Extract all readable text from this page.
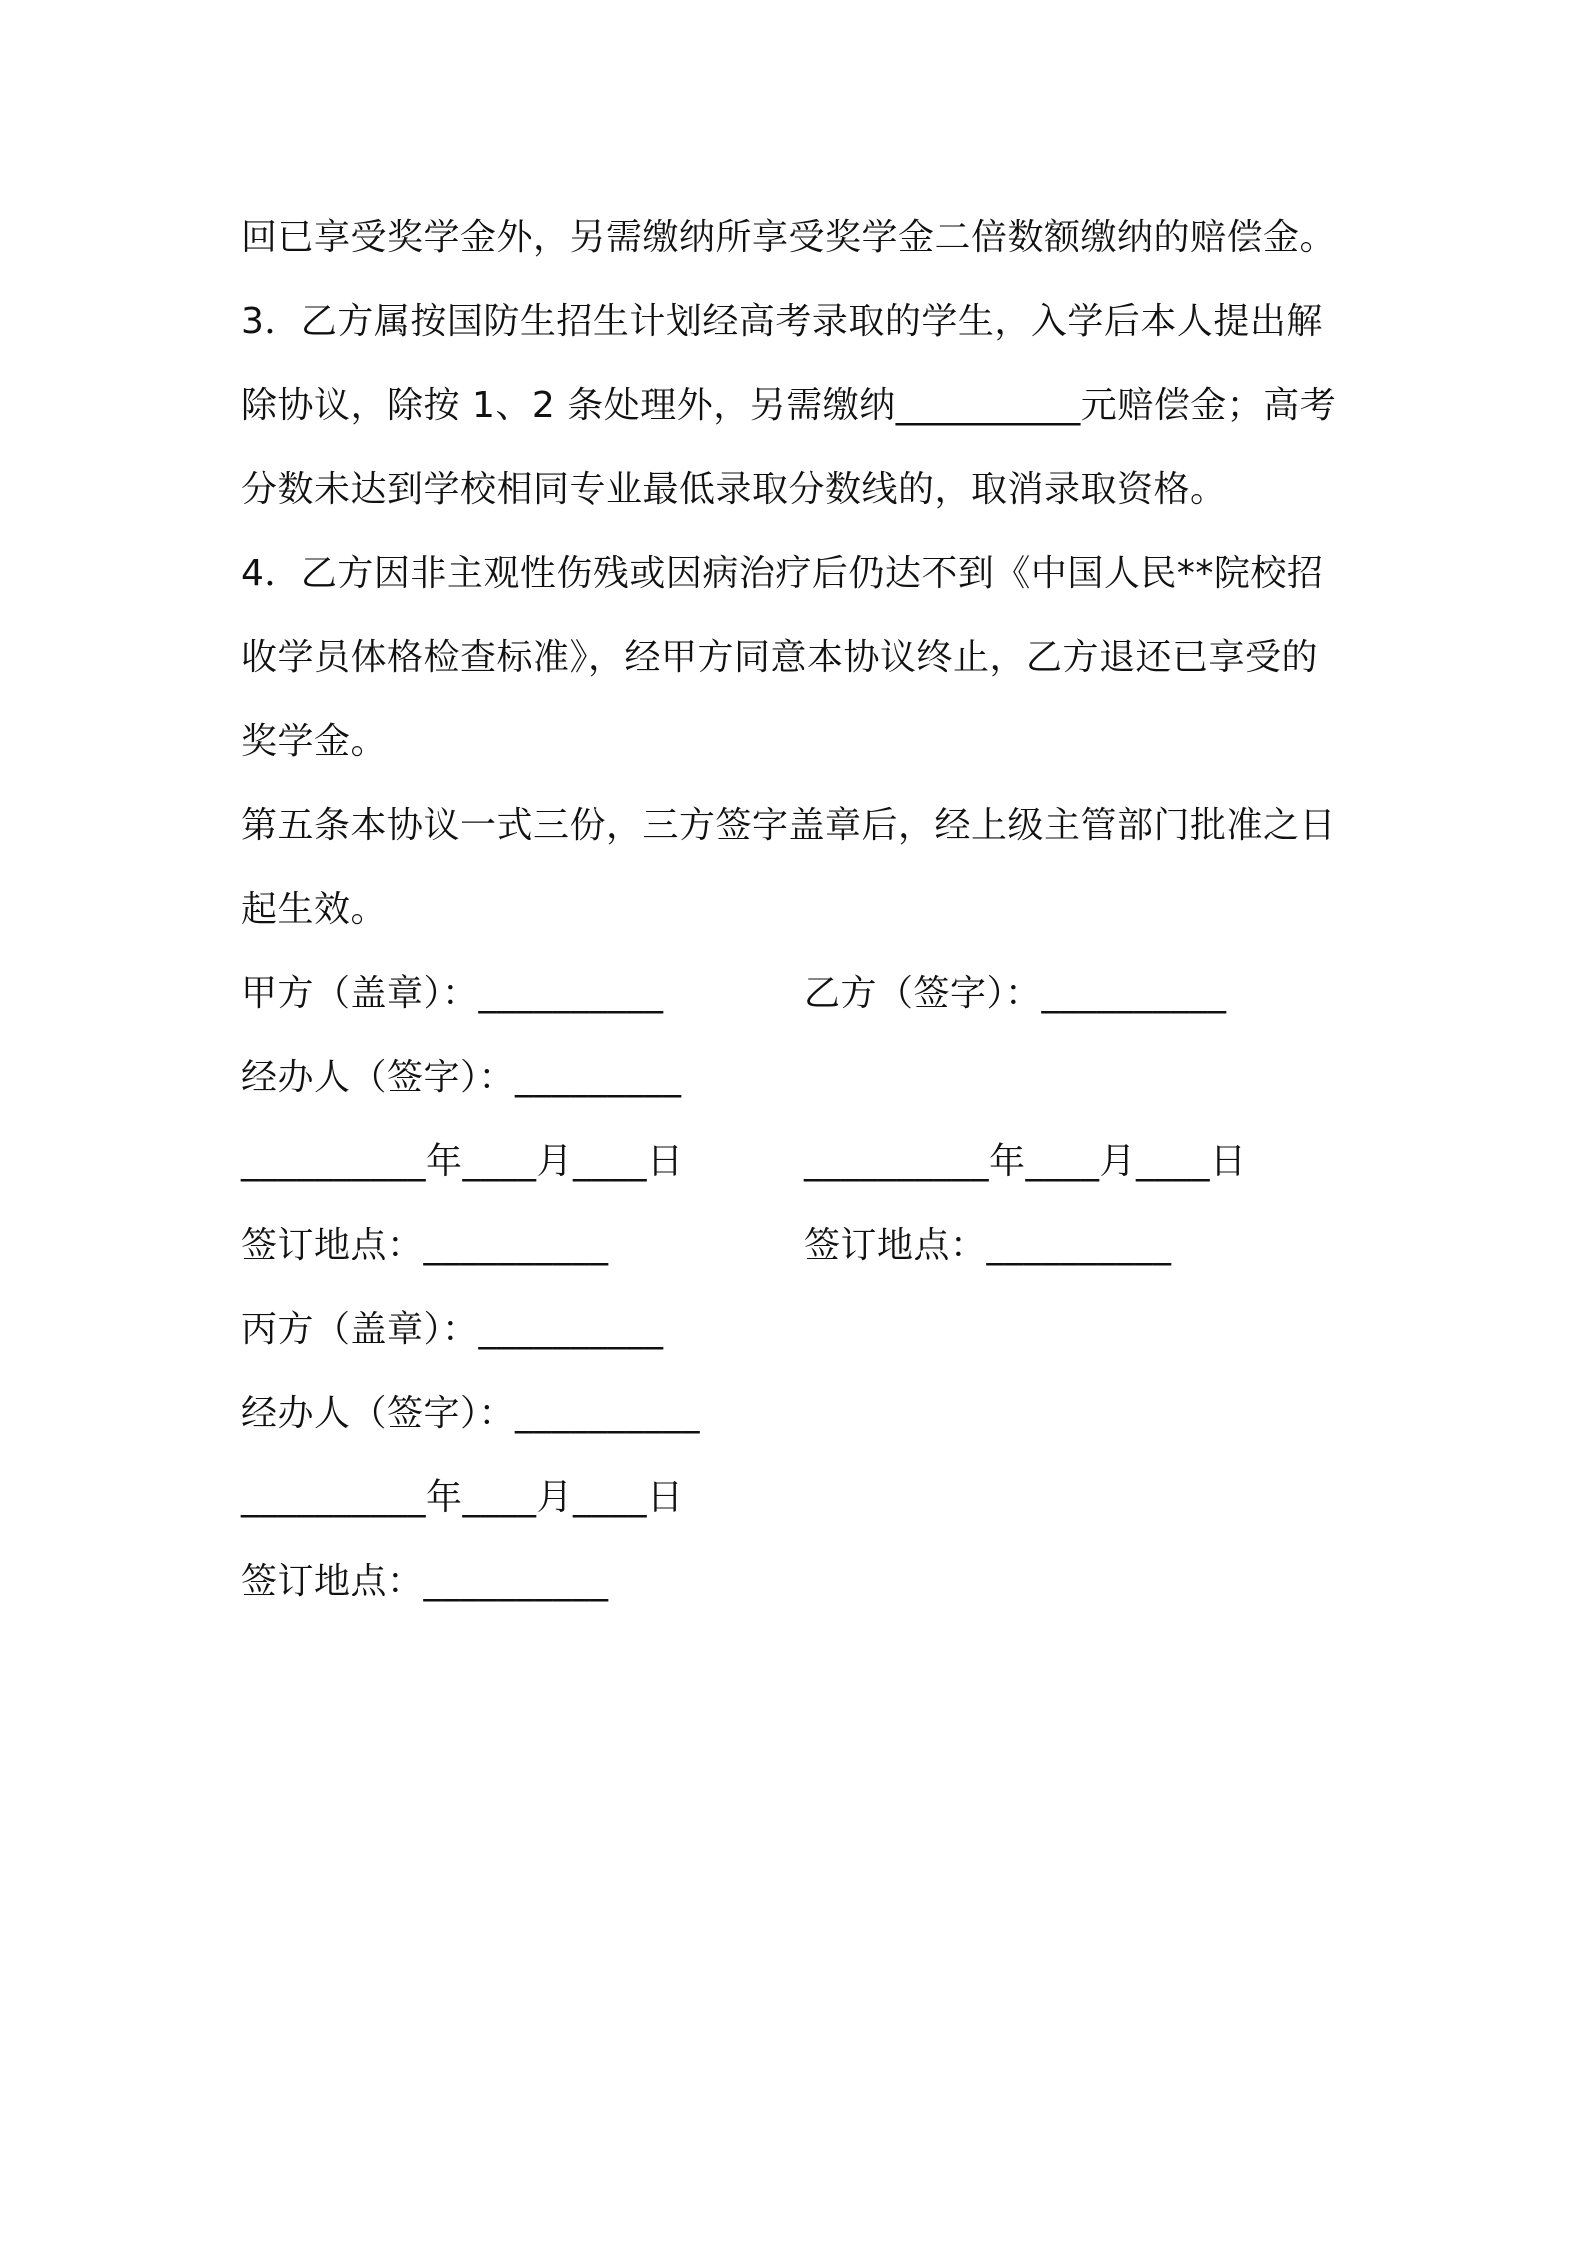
回已享受奖学金外，另需缴纳所享受奖学金二倍数额缴纳的赔偿金。
3．乙方属按国防生招生计划经高考录取的学生，入学后本人提出解
除协议，除按 1、2 条处理外，另需缴纳__________元赔偿金；高考
分数未达到学校相同专业最低录取分数线的，取消录取资格。
4．乙方因非主观性伤残或因病治疗后仍达不到《中国人民**院校招
收学员体格检查标准》，经甲方同意本协议终止，乙方退还已享受的
奖学金。
第五条本协议一式三份，三方签字盖章后，经上级主管部门批准之日
起生效。
甲方（盖章）：__________	乙方（签字）：__________
经办人（签字）：_________
__________年____月____日	__________年____月____日
签订地点：__________	签订地点：__________
丙方（盖章）：__________
经办人（签字）：__________
__________年____月____日
签订地点：__________
